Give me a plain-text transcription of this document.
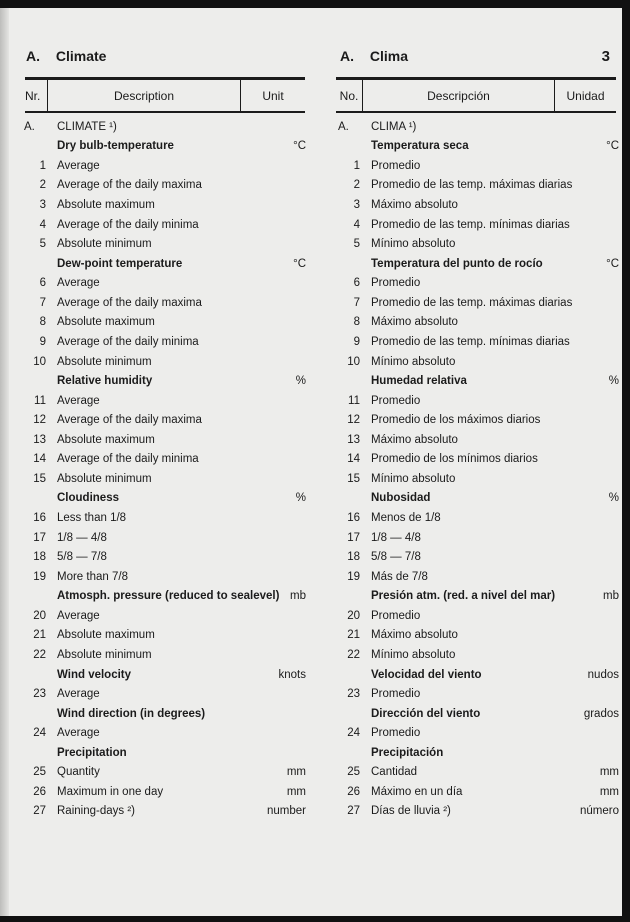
A. Climate	A. Clima	3
Nr.	Description	Unit	No.	Descripción	Unidad
A.	CLIMATE ¹)
Dry bulb-temperature	°C
1 Average
2 Average of the daily maxima
3 Absolute maximum
4 Average of the daily minima
5 Absolute minimum
Dew-point temperature	°C
6 Average
7 Average of the daily maxima
8 Absolute maximum
9 Average of the daily minima
10 Absolute minimum
Relative humidity	%
11 Average
12 Average of the daily maxima
13 Absolute maximum
14 Average of the daily minima
15 Absolute minimum
Cloudiness	%
16 Less than 1/8
17 1/8 — 4/8
18 5/8 — 7/8
19 More than 7/8
Atmosph. pressure (reduced to sealevel) mb
20 Average
21 Absolute maximum
22 Absolute minimum
Wind velocity	knots
23 Average
Wind direction (in degrees)
24 Average
Precipitation
25 Quantity	mm
26 Maximum in one day	mm
27 Raining-days ²)	number
A.	CLIMA ¹)
Temperatura seca	°C
1 Promedio
2 Promedio de las temp. máximas diarias
3 Máximo absoluto
4 Promedio de las temp. mínimas diarias
5 Mínimo absoluto
Temperatura del punto de rocío	°C
6 Promedio
7 Promedio de las temp. máximas diarias
8 Máximo absoluto
9 Promedio de las temp. mínimas diarias
10 Mínimo absoluto
Humedad relativa	%
11 Promedio
12 Promedio de los máximos diarios
13 Máximo absoluto
14 Promedio de los mínimos diarios
15 Mínimo absoluto
Nubosidad	%
16 Menos de 1/8
17 1/8 — 4/8
18 5/8 — 7/8
19 Más de 7/8
Presión atm. (red. a nivel del mar)	mb
20 Promedio
21 Máximo absoluto
22 Mínimo absoluto
Velocidad del viento	nudos
23 Promedio
Dirección del viento	grados
24 Promedio
Precipitación
25 Cantidad	mm
26 Máximo en un día	mm
27 Días de lluvia ²)	número
